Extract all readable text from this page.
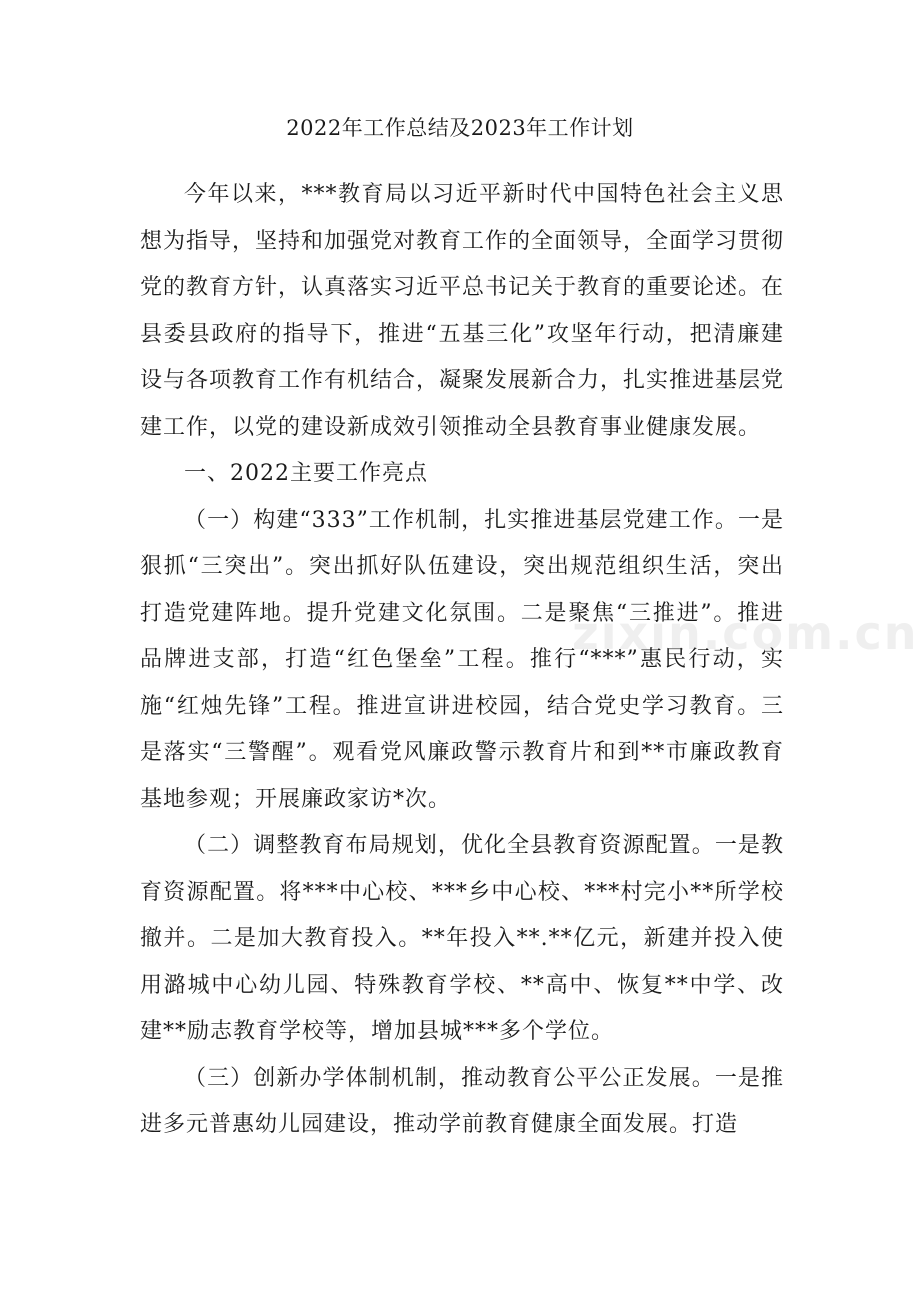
2022年工作总结及2023年工作计划

今年以来，***教育局以习近平新时代中国特色社会主义思想为指导，坚持和加强党对教育工作的全面领导，全面学习贯彻党的教育方针，认真落实习近平总书记关于教育的重要论述。在县委县政府的指导下，推进“五基三化”攻坚年行动，把清廉建设与各项教育工作有机结合，凝聚发展新合力，扎实推进基层党建工作，以党的建设新成效引领推动全县教育事业健康发展。

一、2022主要工作亮点

（一）构建“333”工作机制，扎实推进基层党建工作。一是狠抓“三突出”。突出抓好队伍建设，突出规范组织生活，突出打造党建阵地。提升党建文化氛围。二是聚焦“三推进”。推进品牌进支部，打造“红色堡垒”工程。推行“***”惠民行动，实施“红烛先锋”工程。推进宣讲进校园，结合党史学习教育。三是落实“三警醒”。观看党风廉政警示教育片和到**市廉政教育基地参观；开展廉政家访*次。

（二）调整教育布局规划，优化全县教育资源配置。一是教育资源配置。将***中心校、***乡中心校、***村完小**所学校撤并。二是加大教育投入。**年投入**.**亿元，新建并投入使用潞城中心幼儿园、特殊教育学校、**高中、恢复**中学、改建**励志教育学校等，增加县城***多个学位。

（三）创新办学体制机制，推动教育公平公正发展。一是推进多元普惠幼儿园建设，推动学前教育健康全面发展。打造

zixin.com.cn
